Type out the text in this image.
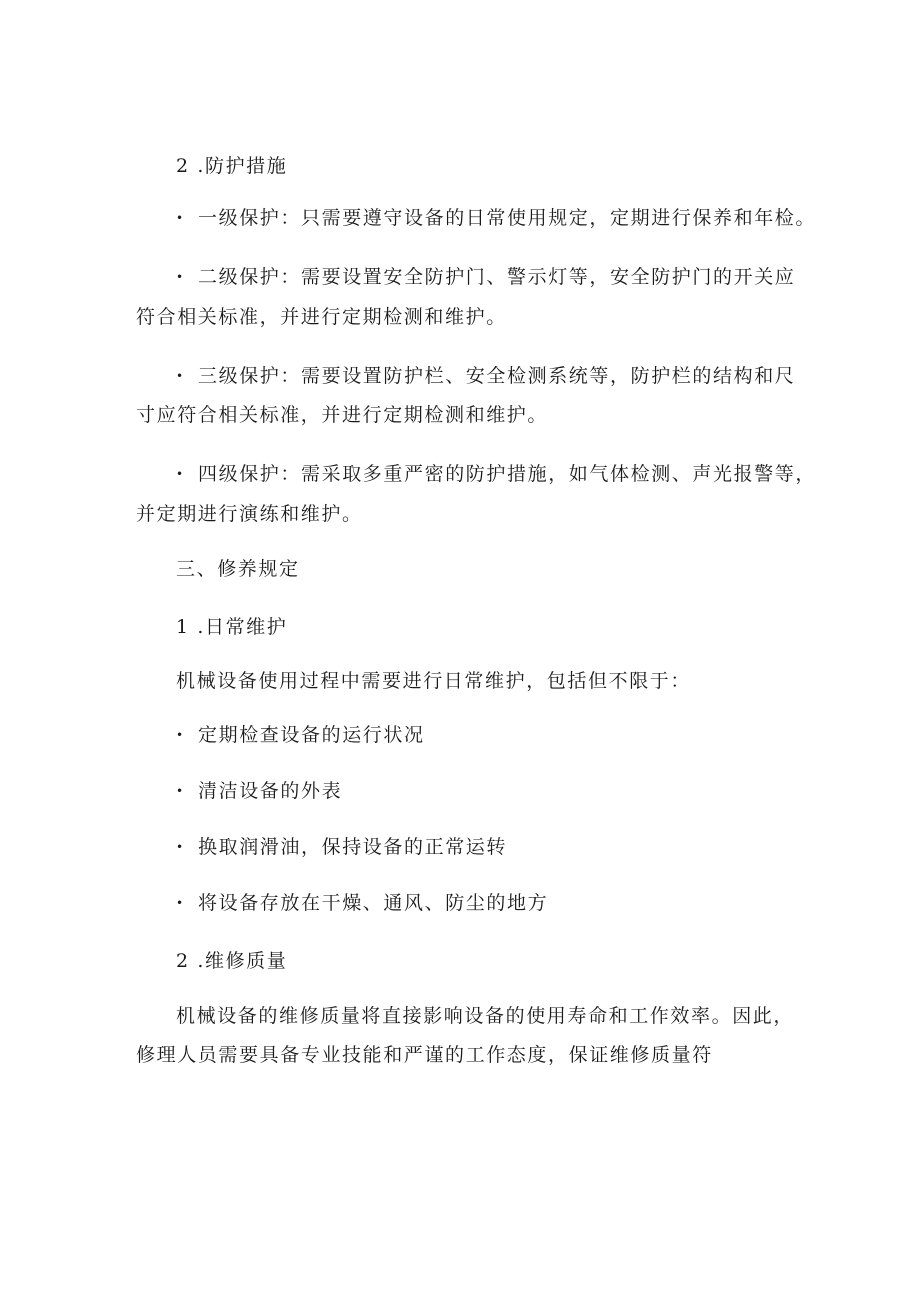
2 .防护措施
• 一级保护：只需要遵守设备的日常使用规定，定期进行保养和年检。
• 二级保护：需要设置安全防护门、警示灯等，安全防护门的开关应
符合相关标准，并进行定期检测和维护。
• 三级保护：需要设置防护栏、安全检测系统等，防护栏的结构和尺
寸应符合相关标准，并进行定期检测和维护。
• 四级保护：需采取多重严密的防护措施，如气体检测、声光报警等，
并定期进行演练和维护。
三、修养规定
1 .日常维护
机械设备使用过程中需要进行日常维护，包括但不限于：
• 定期检查设备的运行状况
• 清洁设备的外表
• 换取润滑油，保持设备的正常运转
• 将设备存放在干燥、通风、防尘的地方
2 .维修质量
机械设备的维修质量将直接影响设备的使用寿命和工作效率。因此，
修理人员需要具备专业技能和严谨的工作态度，保证维修质量符
